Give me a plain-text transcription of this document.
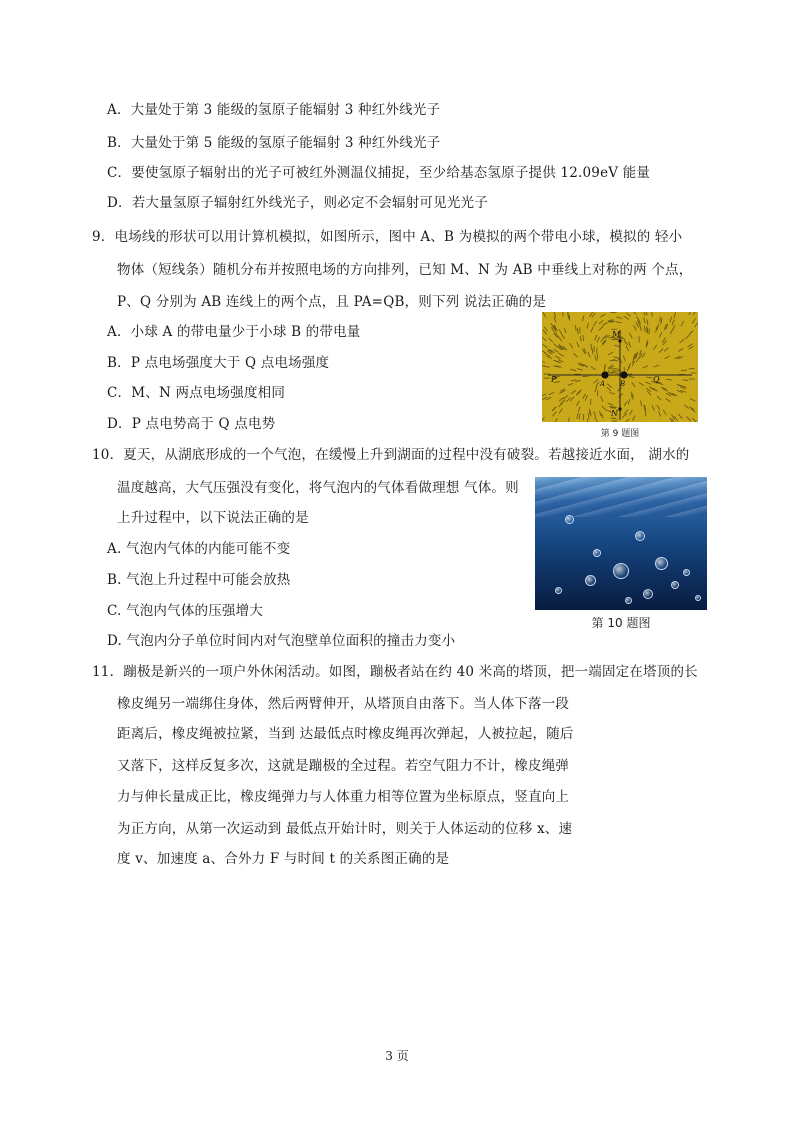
A．大量处于第 3 能级的氢原子能辐射 3 种红外线光子
B．大量处于第 5 能级的氢原子能辐射 3 种红外线光子
C．要使氢原子辐射出的光子可被红外测温仪捕捉，至少给基态氢原子提供 12.09eV 能量
D．若大量氢原子辐射红外线光子，则必定不会辐射可见光光子
9．电场线的形状可以用计算机模拟，如图所示，图中 A、B 为模拟的两个带电小球，模拟的 轻小
物体（短线条）随机分布并按照电场的方向排列，已知 M、N 为 AB 中垂线上对称的两 个点，
P、Q 分别为 AB 连线上的两个点，且 PA=QB，则下列 说法正确的是
A．小球 A 的带电量少于小球 B 的带电量
B．P 点电场强度大于 Q 点电场强度
C．M、N 两点电场强度相同
D．P 点电势高于 Q 点电势
M
N
P	A B	Q
第 9 题图
10．夏天，从湖底形成的一个气泡，在缓慢上升到湖面的过程中没有破裂。若越接近水面， 湖水的
温度越高，大气压强没有变化，将气泡内的气体看做理想 气体。则
上升过程中，以下说法正确的是
A. 气泡内气体的内能可能不变
B. 气泡上升过程中可能会放热
C. 气泡内气体的压强增大
D. 气泡内分子单位时间内对气泡壁单位面积的撞击力变小
第 10 题图
11．蹦极是新兴的一项户外休闲活动。如图，蹦极者站在约 40 米高的塔顶，把一端固定在塔顶的长
橡皮绳另一端绑住身体，然后两臂伸开，从塔顶自由落下。当人体下落一段
距离后，橡皮绳被拉紧，当到 达最低点时橡皮绳再次弹起，人被拉起，随后
又落下，这样反复多次，这就是蹦极的全过程。若空气阻力不计，橡皮绳弹
力与伸长量成正比，橡皮绳弹力与人体重力相等位置为坐标原点，竖直向上
为正方向，从第一次运动到 最低点开始计时，则关于人体运动的位移 x、速
度 v、加速度 a、合外力 F 与时间 t 的关系图正确的是
3 页
